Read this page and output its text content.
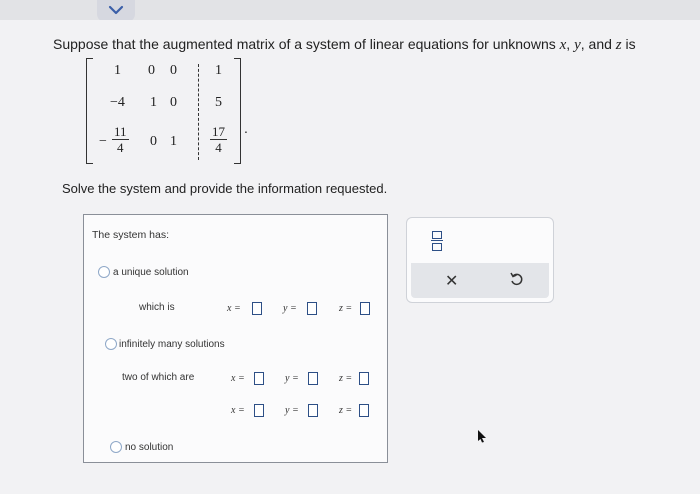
Suppose that the augmented matrix of a system of linear equations for unknowns x, y, and z is
1 0 0	1
−4 1 0	5
− $\frac{11}{4} 0$ 1	$\frac{17}{4}$ .
Solve the system and provide the information requested.
The system has:
a unique solution
which is	x =	y =	z =
infinitely many solutions
two of which are	x =	y =	z =
x =	y =	z =
no solution
✕
